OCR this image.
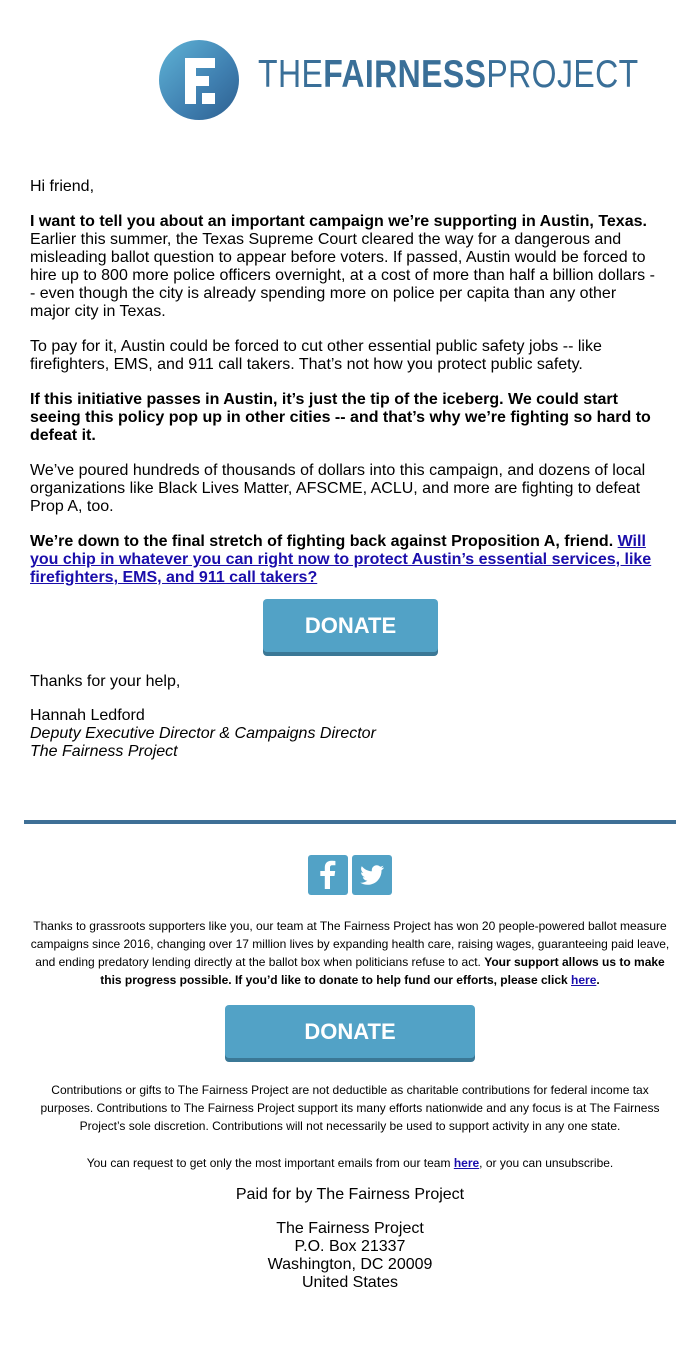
THEFAIRNESSPROJECT

Hi friend,

I want to tell you about an important campaign we’re supporting in Austin, Texas. Earlier this summer, the Texas Supreme Court cleared the way for a dangerous and misleading ballot question to appear before voters. If passed, Austin would be forced to hire up to 800 more police officers overnight, at a cost of more than half a billion dollars -- even though the city is already spending more on police per capita than any other major city in Texas.

To pay for it, Austin could be forced to cut other essential public safety jobs -- like firefighters, EMS, and 911 call takers. That’s not how you protect public safety.

If this initiative passes in Austin, it’s just the tip of the iceberg. We could start seeing this policy pop up in other cities -- and that’s why we’re fighting so hard to defeat it.

We’ve poured hundreds of thousands of dollars into this campaign, and dozens of local organizations like Black Lives Matter, AFSCME, ACLU, and more are fighting to defeat Prop A, too.

We’re down to the final stretch of fighting back against Proposition A, friend. Will you chip in whatever you can right now to protect Austin’s essential services, like firefighters, EMS, and 911 call takers?

DONATE
Thanks for your help,
Hannah Ledford
Deputy Executive Director & Campaigns Director
The Fairness Project
Thanks to grassroots supporters like you, our team at The Fairness Project has won 20 people-powered ballot measure campaigns since 2016, changing over 17 million lives by expanding health care, raising wages, guaranteeing paid leave, and ending predatory lending directly at the ballot box when politicians refuse to act. Your support allows us to make this progress possible. If you’d like to donate to help fund our efforts, please click here.
DONATE
Contributions or gifts to The Fairness Project are not deductible as charitable contributions for federal income tax purposes. Contributions to The Fairness Project support its many efforts nationwide and any focus is at The Fairness Project’s sole discretion. Contributions will not necessarily be used to support activity in any one state.
You can request to get only the most important emails from our team here, or you can unsubscribe.
Paid for by The Fairness Project
The Fairness Project
P.O. Box 21337
Washington, DC 20009
United States
